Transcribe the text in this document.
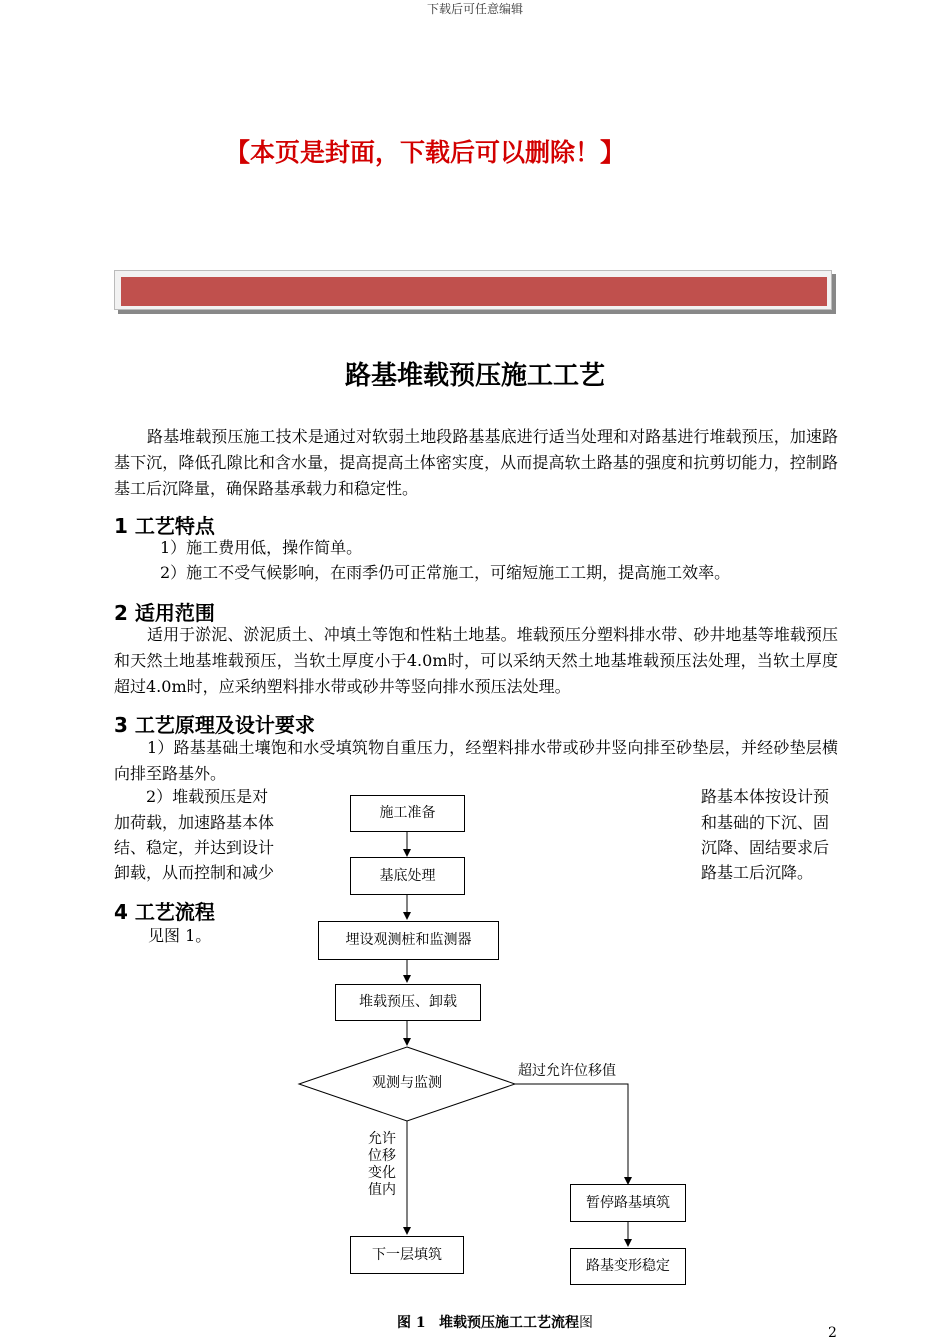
下载后可任意编辑
【本页是封面，下载后可以删除！】
路基堆载预压施工工艺
路基堆载预压施工技术是通过对软弱土地段路基基底进行适当处理和对路基进行堆载预压，加速路基下沉，降低孔隙比和含水量，提高提高土体密实度，从而提高软土路基的强度和抗剪切能力，控制路基工后沉降量，确保路基承载力和稳定性。
1 工艺特点
1）施工费用低，操作简单。
2）施工不受气候影响，在雨季仍可正常施工，可缩短施工工期，提高施工效率。
2 适用范围
适用于淤泥、淤泥质土、冲填土等饱和性粘土地基。堆载预压分塑料排水带、砂井地基等堆载预压和天然土地基堆载预压，当软土厚度小于4.0m时，可以采纳天然土地基堆载预压法处理，当软土厚度超过4.0m时，应采纳塑料排水带或砂井等竖向排水预压法处理。
3 工艺原理及设计要求
1）路基基础土壤饱和水受填筑物自重压力，经塑料排水带或砂井竖向排至砂垫层，并经砂垫层横向排至路基外。
2）堆载预压是对
加荷载，加速路基本体
结、稳定，并达到设计
卸载，从而控制和减少
路基本体按设计预
和基础的下沉、固
沉降、固结要求后
路基工后沉降。
4 工艺流程
见图 1。
施工准备
基底处理
埋设观测桩和监测器
堆载预压、卸载
观测与监测
超过允许位移值
允许
位移
变化
值内
下一层填筑
暂停路基填筑
路基变形稳定
图 1 堆载预压施工工艺流程图
2
